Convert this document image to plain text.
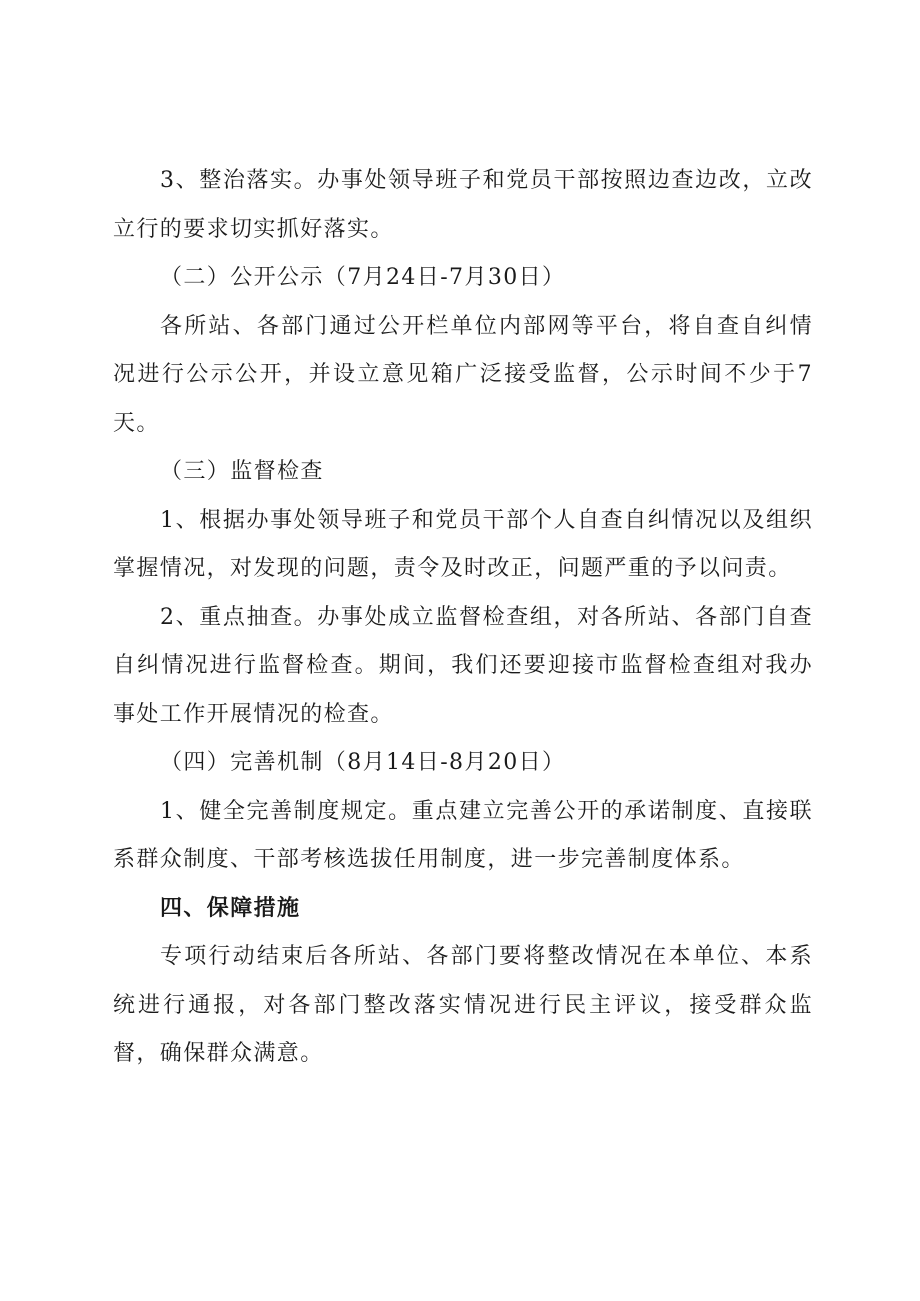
3、整治落实。办事处领导班子和党员干部按照边查边改，立改立行的要求切实抓好落实。

（二）公开公示（7月24日-7月30日）

各所站、各部门通过公开栏单位内部网等平台，将自查自纠情况进行公示公开，并设立意见箱广泛接受监督，公示时间不少于7天。

（三）监督检查

1、根据办事处领导班子和党员干部个人自查自纠情况以及组织掌握情况，对发现的问题，责令及时改正，问题严重的予以问责。

2、重点抽查。办事处成立监督检查组，对各所站、各部门自查自纠情况进行监督检查。期间，我们还要迎接市监督检查组对我办事处工作开展情况的检查。

（四）完善机制（8月14日-8月20日）

1、健全完善制度规定。重点建立完善公开的承诺制度、直接联系群众制度、干部考核选拔任用制度，进一步完善制度体系。

四、保障措施

专项行动结束后各所站、各部门要将整改情况在本单位、本系统进行通报，对各部门整改落实情况进行民主评议，接受群众监督，确保群众满意。
